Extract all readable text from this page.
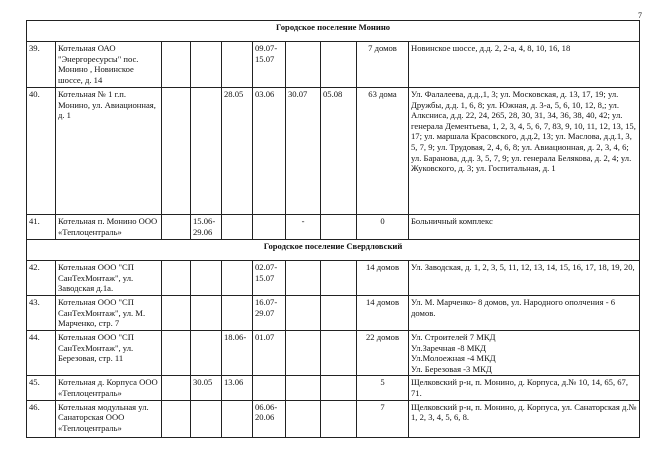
7
Городское поселение Монино									
39.	Котельная ОАО "Энергоресурсы" пос. Монино , Новинское шоссе, д. 14				09.07-
15.07			7 домов	Новинское шоссе, д.д. 2, 2-а, 4, 8, 10, 16, 18
40.	Котельная № 1 г.п. Монино, ул. Авиационная, д. 1			28.05	03.06	30.07	05.08	63 дома	Ул. Фалалеева, д.д.,1, 3; ул. Московская, д. 13, 17, 19; ул. Дружбы, д.д. 1, 6, 8; ул. Южная, д. 3-а, 5, 6, 10, 12, 8,; ул. Алксниса, д.д. 22, 24, 265, 28, 30, 31, 34, 36, 38, 40, 42; ул. генерала Дементьева, 1, 2, 3, 4, 5, 6, 7, 83, 9, 10, 11, 12, 13, 15, 17; ул. маршала Красовского, д.д.2, 13; ул. Маслова, д.д.1, 3, 5, 7, 9; ул. Трудовая, 2, 4, 6, 8; ул. Авиационная, д. 2, 3, 4, 6; ул. Баранова, д.д. 3, 5, 7, 9; ул. генерала Белякова, д. 2, 4; ул. Жуковского, д. 3; ул. Госпитальная, д. 1
41.	Котельная п. Монино ООО «Теплоцентраль»		15.06-
29.06			-		0	Больничный комплекс
Городское поселение Свердловский									
42.	Котельная ООО "СП СанТехМонтаж", ул. Заводская д.1а.				02.07-
15.07			14 домов	Ул. Заводская, д. 1, 2, 3, 5, 11, 12, 13, 14, 15, 16, 17, 18, 19, 20,
43.	Котельная ООО "СП СанТехМонтаж", ул. М. Марченко, стр. 7				16.07-
29.07			14 домов	Ул. М. Марченко- 8 домов, ул. Народного ополчения - 6 домов.
44.	Котельная ООО "СП СанТехМонтаж", ул. Березовая, стр. 11			18.06-	01.07			22 домов	Ул. Строителей 7 МКД
Ул.Заречная -8 МКД
Ул.Молоежная -4 МКД
Ул. Березовая -3 МКД
45.	Котельная д. Корпуса ООО «Теплоцентраль»		30.05	13.06				5	Щелковский р-н, п. Монино, д. Корпуса, д.№ 10, 14, 65, 67, 71.
46.	Котельная модульная ул. Санаторская ООО «Теплоцентраль»				06.06-
20.06			7	Щелковский р-н, п. Монино, д. Корпуса, ул. Санаторская д.№ 1, 2, 3, 4, 5, 6, 8.
